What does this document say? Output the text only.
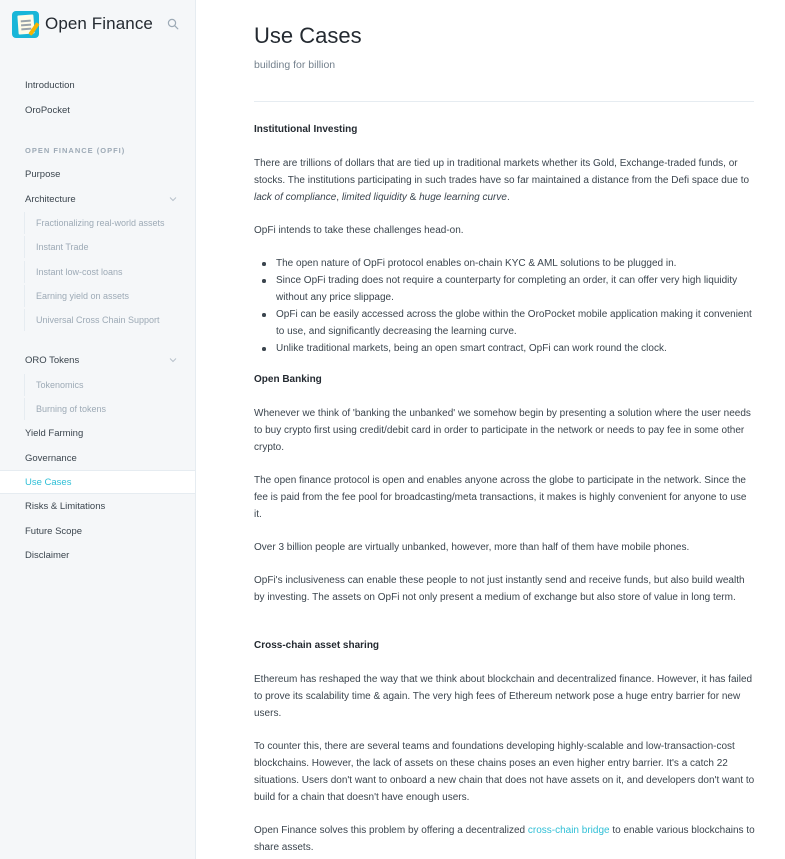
Open Finance
Introduction
OroPocket
OPEN FINANCE (OPFI)
Purpose
Architecture
Fractionalizing real-world assets
Instant Trade
Instant low-cost loans
Earning yield on assets
Universal Cross Chain Support
ORO Tokens
Tokenomics
Burning of tokens
Yield Farming
Governance
Use Cases
Risks & Limitations
Future Scope
Disclaimer
Use Cases
building for billion
Institutional Investing

There are trillions of dollars that are tied up in traditional markets whether its Gold, Exchange-traded funds, or stocks. The institutions participating in such trades have so far maintained a distance from the Defi space due to lack of compliance, limited liquidity & huge learning curve.

OpFi intends to take these challenges head-on.

The open nature of OpFi protocol enables on-chain KYC & AML solutions to be plugged in.
Since OpFi trading does not require a counterparty for completing an order, it can offer very high liquidity without any price slippage.
OpFi can be easily accessed across the globe within the OroPocket mobile application making it convenient to use, and significantly decreasing the learning curve.
Unlike traditional markets, being an open smart contract, OpFi can work round the clock.
Open Banking

Whenever we think of 'banking the unbanked' we somehow begin by presenting a solution where the user needs to buy crypto first using credit/debit card in order to participate in the network or needs to pay fee in some other crypto.

The open finance protocol is open and enables anyone across the globe to participate in the network. Since the fee is paid from the fee pool for broadcasting/meta transactions, it makes is highly convenient for anyone to use it.

Over 3 billion people are virtually unbanked, however, more than half of them have mobile phones.

OpFi's inclusiveness can enable these people to not just instantly send and receive funds, but also build wealth by investing. The assets on OpFi not only present a medium of exchange but also store of value in long term.

Cross-chain asset sharing

Ethereum has reshaped the way that we think about blockchain and decentralized finance. However, it has failed to prove its scalability time & again. The very high fees of Ethereum network pose a huge entry barrier for new users.

To counter this, there are several teams and foundations developing highly-scalable and low-transaction-cost blockchains. However, the lack of assets on these chains poses an even higher entry barrier. It's a catch 22 situations. Users don't want to onboard a new chain that does not have assets on it, and developers don't want to build for a chain that doesn't have enough users.

Open Finance solves this problem by offering a decentralized cross-chain bridge to enable various blockchains to share assets.
